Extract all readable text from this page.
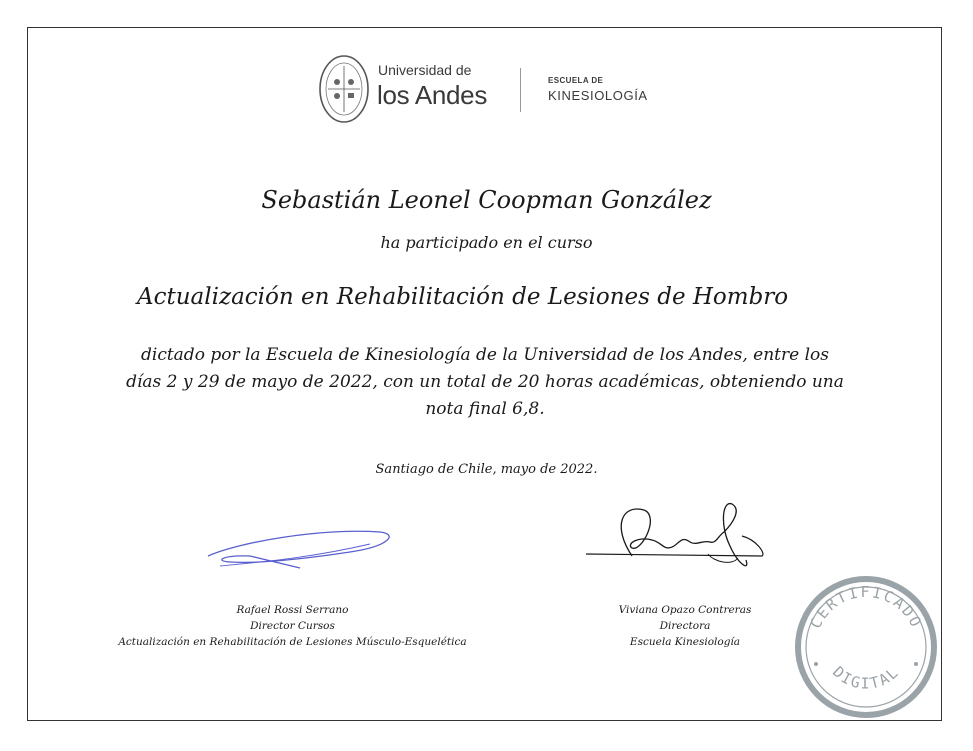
Universidad de
los Andes	ESCUELA DE
KINESIOLOGÍA
Sebastián Leonel Coopman González
ha participado en el curso
Actualización en Rehabilitación de Lesiones de Hombro
dictado por la Escuela de Kinesiología de la Universidad de los Andes, entre los
días 2 y 29 de mayo de 2022, con un total de 20 horas académicas, obteniendo una
nota final 6,8.
Santiago de Chile, mayo de 2022.
Rafael Rossi Serrano
Director Cursos
Actualización en Rehabilitación de Lesiones Músculo-Esquelética
Viviana Opazo Contreras
Directora
Escuela Kinesiología
CERTIFICADO
DIGITAL
